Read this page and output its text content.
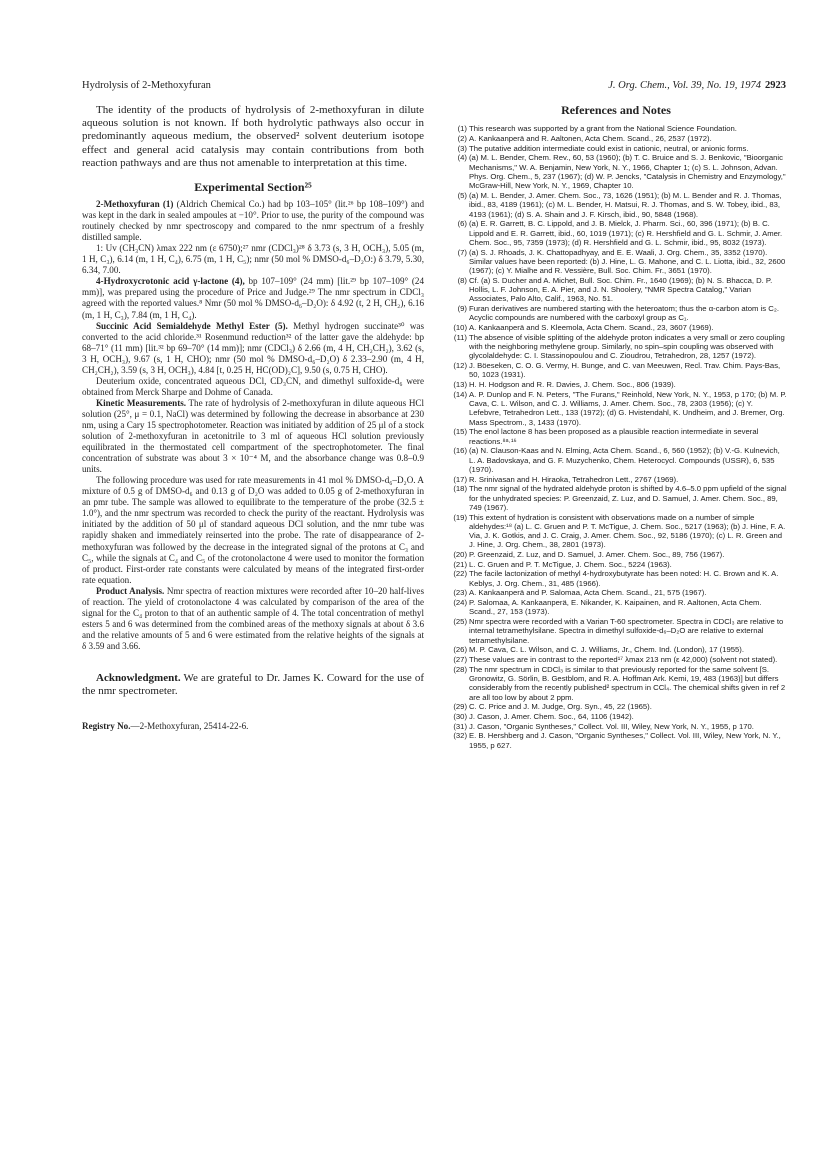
Hydrolysis of 2-Methoxyfuran	J. Org. Chem., Vol. 39, No. 19, 1974 2923

The identity of the products of hydrolysis of 2-methoxyfuran in dilute aqueous solution is not known. If both hydrolytic pathways also occur in predominantly aqueous medium, the observed² solvent deuterium isotope effect and general acid catalysis may contain contributions from both reaction pathways and are thus not amenable to interpretation at this time.

Experimental Section²⁵

2-Methoxyfuran (1) (Aldrich Chemical Co.) had bp 103–105° (lit.²⁶ bp 108–109°) and was kept in the dark in sealed ampoules at −10°. Prior to use, the purity of the compound was routinely checked by nmr spectroscopy and compared to the nmr spectrum of a freshly distilled sample.

1: Uv (CH₃CN) λmax 222 nm (ε 6750);²⁷ nmr (CDCl₃)²⁸ δ 3.73 (s, 3 H, OCH₃), 5.05 (m, 1 H, C₃), 6.14 (m, 1 H, C₄), 6.75 (m, 1 H, C₅); nmr (50 mol % DMSO-d₆–D₂O:) δ 3.79, 5.30, 6.34, 7.00.

4-Hydroxycrotonic acid γ-lactone (4), bp 107–109° (24 mm) [lit.²⁹ bp 107–109° (24 mm)], was prepared using the procedure of Price and Judge.²⁹ The nmr spectrum in CDCl₃ agreed with the reported values.⁸ Nmr (50 mol % DMSO-d₆–D₂O): δ 4.92 (t, 2 H, CH₂), 6.16 (m, 1 H, C₃), 7.84 (m, 1 H, C₄).

Succinic Acid Semialdehyde Methyl Ester (5). Methyl hydrogen succinate³⁰ was converted to the acid chloride.³¹ Rosenmund reduction³² of the latter gave the aldehyde: bp 68–71° (11 mm) [lit.³² bp 69–70° (14 mm)]; nmr (CDCl₃) δ 2.66 (m, 4 H, CH₂CH₂), 3.62 (s, 3 H, OCH₃), 9.67 (s, 1 H, CHO); nmr (50 mol % DMSO-d₆–D₂O) δ 2.33–2.90 (m, 4 H, CH₂CH₂), 3.59 (s, 3 H, OCH₃), 4.84 [t, 0.25 H, HC(OD)₂C], 9.50 (s, 0.75 H, CHO).

Deuterium oxide, concentrated aqueous DCl, CD₃CN, and dimethyl sulfoxide-d₆ were obtained from Merck Sharpe and Dohme of Canada.

Kinetic Measurements. The rate of hydrolysis of 2-methoxyfuran in dilute aqueous HCl solution (25°, μ = 0.1, NaCl) was determined by following the decrease in absorbance at 230 nm, using a Cary 15 spectrophotometer. Reaction was initiated by addition of 25 μl of a stock solution of 2-methoxyfuran in acetonitrile to 3 ml of aqueous HCl solution previously equilibrated in the thermostated cell compartment of the spectrophotometer. The final concentration of substrate was about 3 × 10⁻⁴ M, and the absorbance change was 0.8–0.9 units.

The following procedure was used for rate measurements in 41 mol % DMSO-d₆–D₂O. A mixture of 0.5 g of DMSO-d₆ and 0.13 g of D₂O was added to 0.05 g of 2-methoxyfuran in an pmr tube. The sample was allowed to equilibrate to the temperature of the probe (32.5 ± 1.0°), and the nmr spectrum was recorded to check the purity of the reactant. Hydrolysis was initiated by the addition of 50 μl of standard aqueous DCl solution, and the nmr tube was rapidly shaken and immediately reinserted into the probe. The rate of disappearance of 2-methoxyfuran was followed by the decrease in the integrated signal of the protons at C₃ and C₅, while the signals at C₄ and C₅ of the crotonolactone 4 were used to monitor the formation of product. First-order rate constants were calculated by means of the integrated first-order rate equation.

Product Analysis. Nmr spectra of reaction mixtures were recorded after 10–20 half-lives of reaction. The yield of crotonolactone 4 was calculated by comparison of the area of the signal for the C₄ proton to that of an authentic sample of 4. The total concentration of methyl esters 5 and 6 was determined from the combined areas of the methoxy signals at about δ 3.6 and the relative amounts of 5 and 6 were estimated from the relative heights of the signals at δ 3.59 and 3.66.

Acknowledgment. We are grateful to Dr. James K. Coward for the use of the nmr spectrometer.

Registry No.—2-Methoxyfuran, 25414-22-6.

References and Notes
(1) This research was supported by a grant from the National Science Foundation.
(2) A. Kankaanperä and R. Aaltonen, Acta Chem. Scand., 26, 2537 (1972).
(3) The putative addition intermediate could exist in cationic, neutral, or anionic forms.
(4) (a) M. L. Bender, Chem. Rev., 60, 53 (1960); (b) T. C. Bruice and S. J. Benkovic, "Bioorganic Mechanisms," W. A. Benjamin, New York, N. Y., 1966, Chapter 1; (c) S. L. Johnson, Advan. Phys. Org. Chem., 5, 237 (1967); (d) W. P. Jencks, "Catalysis in Chemistry and Enzymology," McGraw-Hill, New York, N. Y., 1969, Chapter 10.
(5) (a) M. L. Bender, J. Amer. Chem. Soc., 73, 1626 (1951); (b) M. L. Bender and R. J. Thomas, ibid., 83, 4189 (1961); (c) M. L. Bender, H. Matsui, R. J. Thomas, and S. W. Tobey, ibid., 83, 4193 (1961); (d) S. A. Shain and J. F. Kirsch, ibid., 90, 5848 (1968).
(6) (a) E. R. Garrett, B. C. Lippold, and J. B. Mielck, J. Pharm. Sci., 60, 396 (1971); (b) B. C. Lippold and E. R. Garrett, ibid., 60, 1019 (1971); (c) R. Hershfield and G. L. Schmir, J. Amer. Chem. Soc., 95, 7359 (1973); (d) R. Hershfield and G. L. Schmir, ibid., 95, 8032 (1973).
(7) (a) S. J. Rhoads, J. K. Chattopadhyay, and E. E. Waali, J. Org. Chem., 35, 3352 (1970). Similar values have been reported: (b) J. Hine, L. G. Mahone, and C. L. Liotta, ibid., 32, 2600 (1967); (c) Y. Mialhe and R. Vessière, Bull. Soc. Chim. Fr., 3651 (1970).
(8) Cf. (a) S. Ducher and A. Michet, Bull. Soc. Chim. Fr., 1640 (1969); (b) N. S. Bhacca, D. P. Hollis, L. F. Johnson, E. A. Pier, and J. N. Shoolery, "NMR Spectra Catalog," Varian Associates, Palo Alto, Calif., 1963, No. 51.
(9) Furan derivatives are numbered starting with the heteroatom; thus the α-carbon atom is C₂. Acyclic compounds are numbered with the carboxyl group as C₁.
(10) A. Kankaanperä and S. Kleemola, Acta Chem. Scand., 23, 3607 (1969).
(11) The absence of visible splitting of the aldehyde proton indicates a very small or zero coupling with the neighboring methylene group. Similarly, no spin–spin coupling was observed with glycolaldehyde: C. I. Stassinopoulou and C. Zioudrou, Tetrahedron, 28, 1257 (1972).
(12) J. Böeseken, C. O. G. Vermy, H. Bunge, and C. van Meeuwen, Recl. Trav. Chim. Pays-Bas, 50, 1023 (1931).
(13) H. H. Hodgson and R. R. Davies, J. Chem. Soc., 806 (1939).
(14) A. P. Dunlop and F. N. Peters, "The Furans," Reinhold, New York, N. Y., 1953, p 170; (b) M. P. Cava, C. L. Wilson, and C. J. Williams, J. Amer. Chem. Soc., 78, 2303 (1956); (c) Y. Lefebvre, Tetrahedron Lett., 133 (1972); (d) G. Hvistendahl, K. Undheim, and J. Bremer, Org. Mass Spectrom., 3, 1433 (1970).
(15) The enol lactone 8 has been proposed as a plausible reaction intermediate in several reactions.⁸ᵃ·¹⁶
(16) (a) N. Clauson-Kaas and N. Elming, Acta Chem. Scand., 6, 560 (1952); (b) V.-G. Kulnevich, L. A. Badovskaya, and G. F. Muzychenko, Chem. Heterocycl. Compounds (USSR), 6, 535 (1970).
(17) R. Srinivasan and H. Hiraoka, Tetrahedron Lett., 2767 (1969).
(18) The nmr signal of the hydrated aldehyde proton is shifted by 4.6–5.0 ppm upfield of the signal for the unhydrated species: P. Greenzaid, Z. Luz, and D. Samuel, J. Amer. Chem. Soc., 89, 749 (1967).
(19) This extent of hydration is consistent with observations made on a number of simple aldehydes:¹⁸ (a) L. C. Gruen and P. T. McTigue, J. Chem. Soc., 5217 (1963); (b) J. Hine, F. A. Via, J. K. Gotkis, and J. C. Craig, J. Amer. Chem. Soc., 92, 5186 (1970); (c) L. R. Green and J. Hine, J. Org. Chem., 38, 2801 (1973).
(20) P. Greenzaid, Z. Luz, and D. Samuel, J. Amer. Chem. Soc., 89, 756 (1967).
(21) L. C. Gruen and P. T. McTigue, J. Chem. Soc., 5224 (1963).
(22) The facile lactonization of methyl 4-hydroxybutyrate has been noted: H. C. Brown and K. A. Keblys, J. Org. Chem., 31, 485 (1966).
(23) A. Kankaanperä and P. Salomaa, Acta Chem. Scand., 21, 575 (1967).
(24) P. Salomaa, A. Kankaanperä, E. Nikander, K. Kaipainen, and R. Aaltonen, Acta Chem. Scand., 27, 153 (1973).
(25) Nmr spectra were recorded with a Varian T-60 spectrometer. Spectra in CDCl₃ are relative to internal tetramethylsilane. Spectra in dimethyl sulfoxide-d₆–D₂O are relative to external tetramethylsilane.
(26) M. P. Cava, C. L. Wilson, and C. J. Williams, Jr., Chem. Ind. (London), 17 (1955).
(27) These values are in contrast to the reported¹⁷ λmax 213 nm (ε 42,000) (solvent not stated).
(28) The nmr spectrum in CDCl₃ is similar to that previously reported for the same solvent [S. Gronowitz, G. Sörlin, B. Gestblom, and R. A. Hoffman Ark. Kemi, 19, 483 (1963)] but differs considerably from the recently published² spectrum in CCl₄. The chemical shifts given in ref 2 are all too low by about 2 ppm.
(29) C. C. Price and J. M. Judge, Org. Syn., 45, 22 (1965).
(30) J. Cason, J. Amer. Chem. Soc., 64, 1106 (1942).
(31) J. Cason, "Organic Syntheses," Collect. Vol. III, Wiley, New York, N. Y., 1955, p 170.
(32) E. B. Hershberg and J. Cason, "Organic Syntheses," Collect. Vol. III, Wiley, New York, N. Y., 1955, p 627.
